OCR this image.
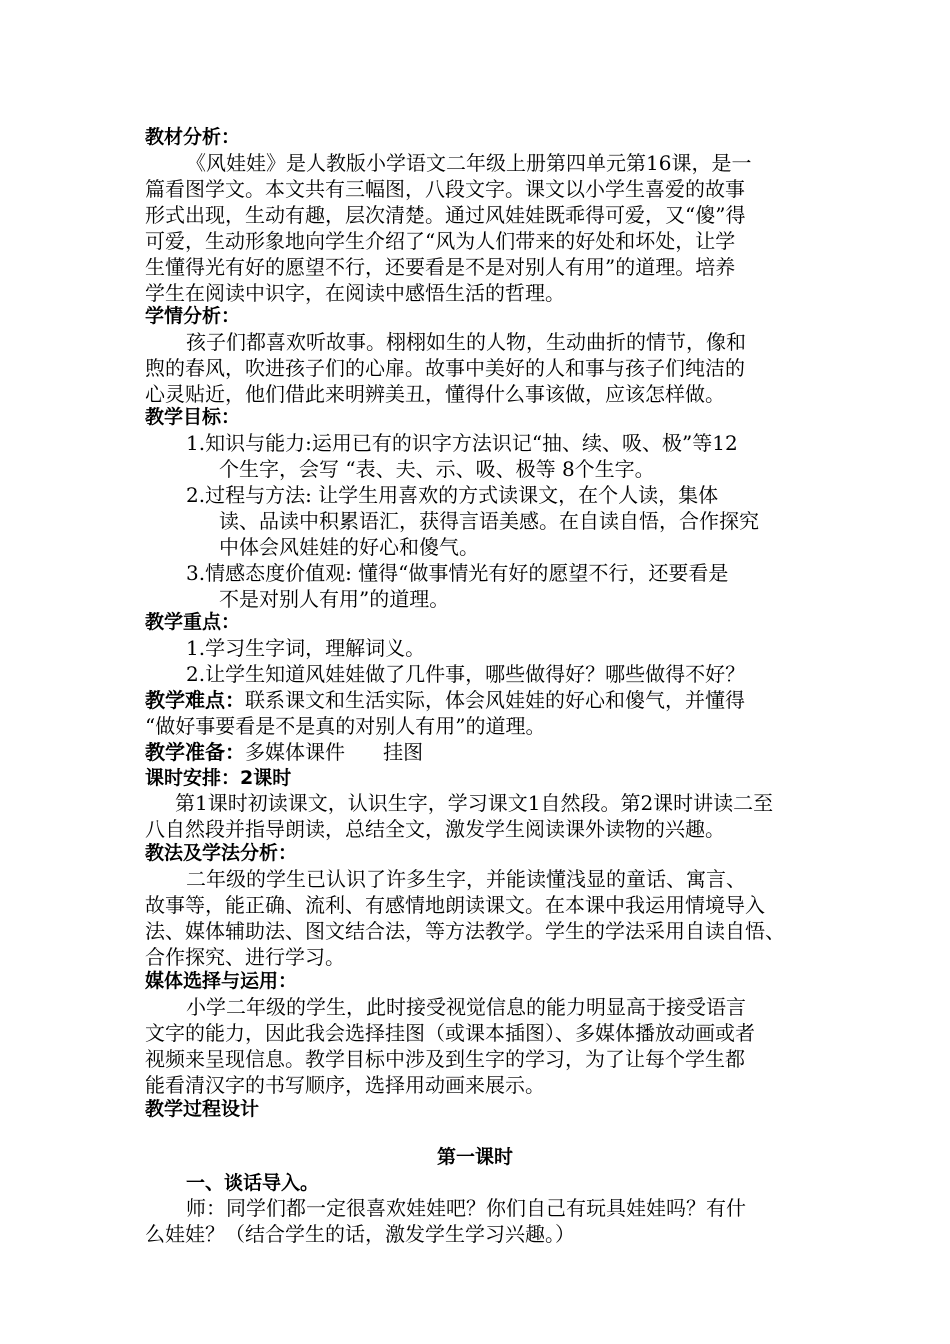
教材分析：
《风娃娃》是人教版小学语文二年级上册第四单元第16课，是一
篇看图学文。本文共有三幅图，八段文字。课文以小学生喜爱的故事
形式出现，生动有趣，层次清楚。通过风娃娃既乖得可爱，又“傻”得
可爱，生动形象地向学生介绍了“风为人们带来的好处和坏处，让学
生懂得光有好的愿望不行，还要看是不是对别人有用”的道理。培养
学生在阅读中识字，在阅读中感悟生活的哲理。
学情分析：
孩子们都喜欢听故事。栩栩如生的人物，生动曲折的情节，像和
煦的春风，吹进孩子们的心扉。故事中美好的人和事与孩子们纯洁的
心灵贴近，他们借此来明辨美丑，懂得什么事该做，应该怎样做。
教学目标：
1.知识与能力:运用已有的识字方法识记“抽、续、吸、极”等12
个生字，会写 “表、夫、示、吸、极等 8个生字。
2.过程与方法: 让学生用喜欢的方式读课文，在个人读，集体
读、品读中积累语汇，获得言语美感。在自读自悟，合作探究
中体会风娃娃的好心和傻气。
3.情感态度价值观: 懂得“做事情光有好的愿望不行，还要看是
不是对别人有用”的道理。
教学重点：
1.学习生字词，理解词义。
2.让学生知道风娃娃做了几件事，哪些做得好？哪些做得不好？
教学难点：联系课文和生活实际，体会风娃娃的好心和傻气，并懂得
“做好事要看是不是真的对别人有用”的道理。
教学准备：多媒体课件      挂图
课时安排：2课时
第1课时初读课文，认识生字，学习课文1自然段。第2课时讲读二至
八自然段并指导朗读，总结全文，激发学生阅读课外读物的兴趣。
教法及学法分析：
二年级的学生已认识了许多生字，并能读懂浅显的童话、寓言、
故事等，能正确、流利、有感情地朗读课文。在本课中我运用情境导入
法、媒体辅助法、图文结合法，等方法教学。学生的学法采用自读自悟、
合作探究、进行学习。
媒体选择与运用：
小学二年级的学生，此时接受视觉信息的能力明显高于接受语言
文字的能力，因此我会选择挂图（或课本插图）、多媒体播放动画或者
视频来呈现信息。教学目标中涉及到生字的学习，为了让每个学生都
能看清汉字的书写顺序，选择用动画来展示。
教学过程设计
第一课时
一、谈话导入。
师：同学们都一定很喜欢娃娃吧？你们自己有玩具娃娃吗？有什
么娃娃？（结合学生的话，激发学生学习兴趣。）
